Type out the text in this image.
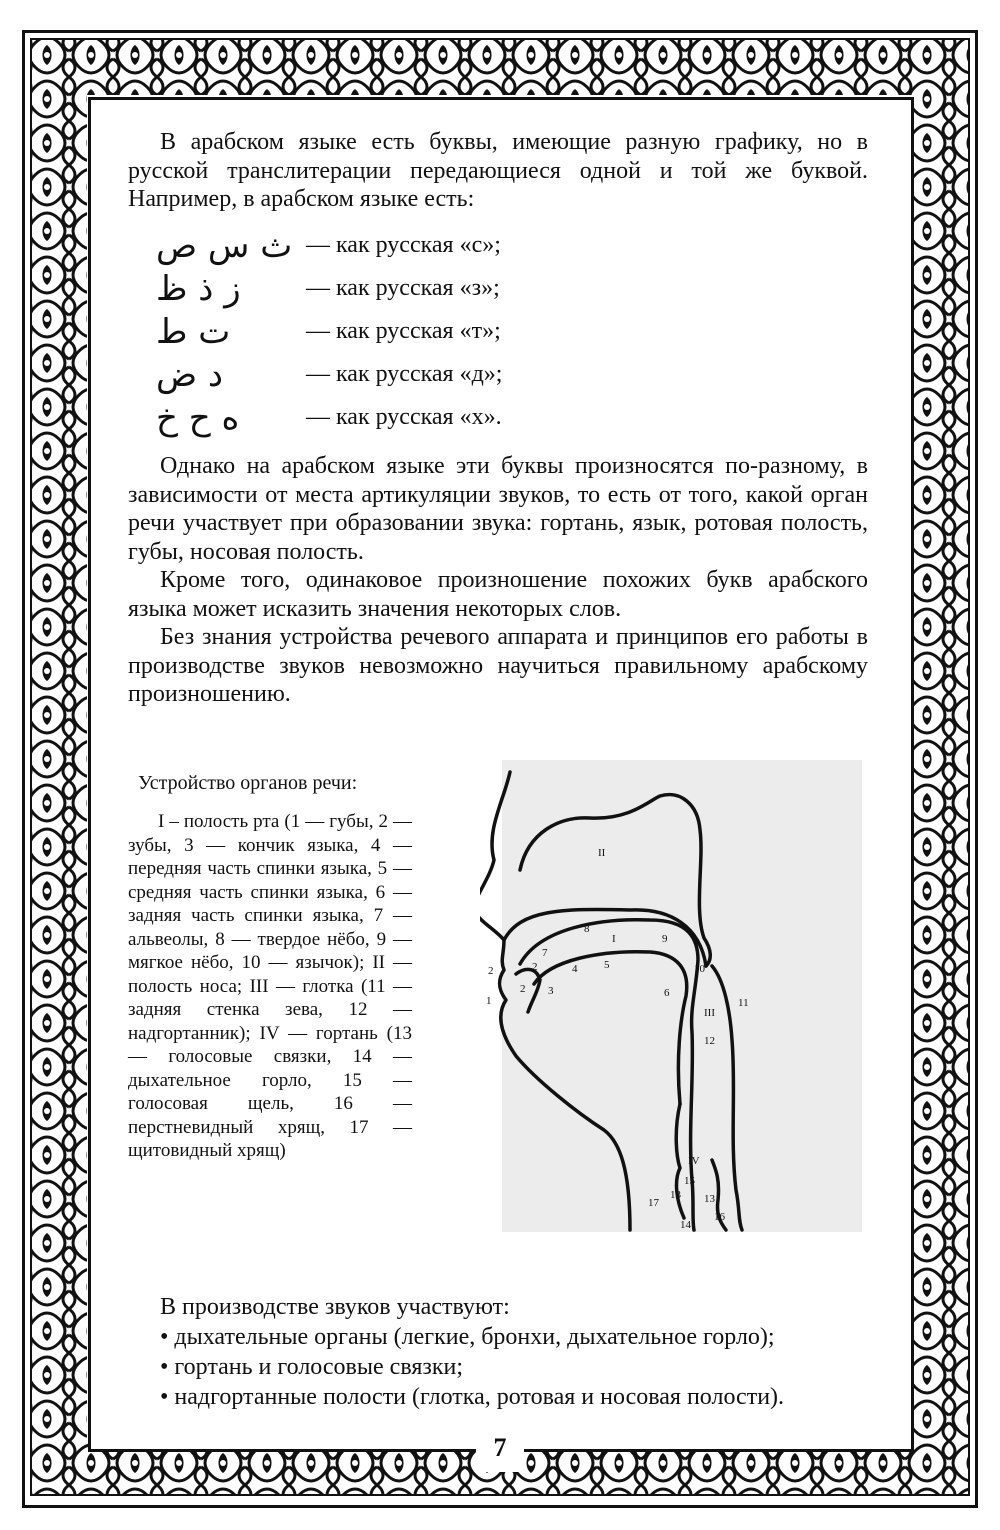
В арабском языке есть буквы, имеющие разную графику, но в русской транслитерации передающиеся одной и той же буквой. Например, в арабском языке есть:

ث س ص — как русская «с»;
ز ذ ظ	— как русская «з»;
ت ط	— как русская «т»;
د ض	— как русская «д»;
ه ح خ	— как русская «х».

Однако на арабском языке эти буквы произносятся по-разному, в зависимости от места артикуляции звуков, то есть от того, какой орган речи участвует при образовании звука: гортань, язык, ротовая полость, губы, носовая полость.

Кроме того, одинаковое произношение похожих букв арабского языка может исказить значения некоторых слов.

Без знания устройства речевого аппарата и принципов его работы в производстве звуков невозможно научиться правильному арабскому произношению.

Устройство органов речи:

I – полость рта (1 — губы, 2 — зубы, 3 — кончик языка, 4 — передняя часть спинки языка, 5 — средняя часть спинки языка, 6 — задняя часть спинки языка, 7 — альвеолы, 8 — твердое нёбо, 9 — мягкое нёбо, 10 — язычок); II — полость носа; III — глотка (11 — задняя стенка зева, 12 — надгортанник); IV — гортань (13 — голосовые связки, 14 — дыхательное горло, 15 — голосовая щель, 16 — перстневидный хрящ, 17 — щитовидный хрящ)

II
I
III
IV
1
2	2
2 3
4 5
6
7
8
9
10
11
12
13 13
14
15
16
17
В производстве звуков участвуют:
• дыхательные органы (легкие, бронхи, дыхательное горло);
• гортань и голосовые связки;
• надгортанные полости (глотка, ротовая и носовая полости).
7
